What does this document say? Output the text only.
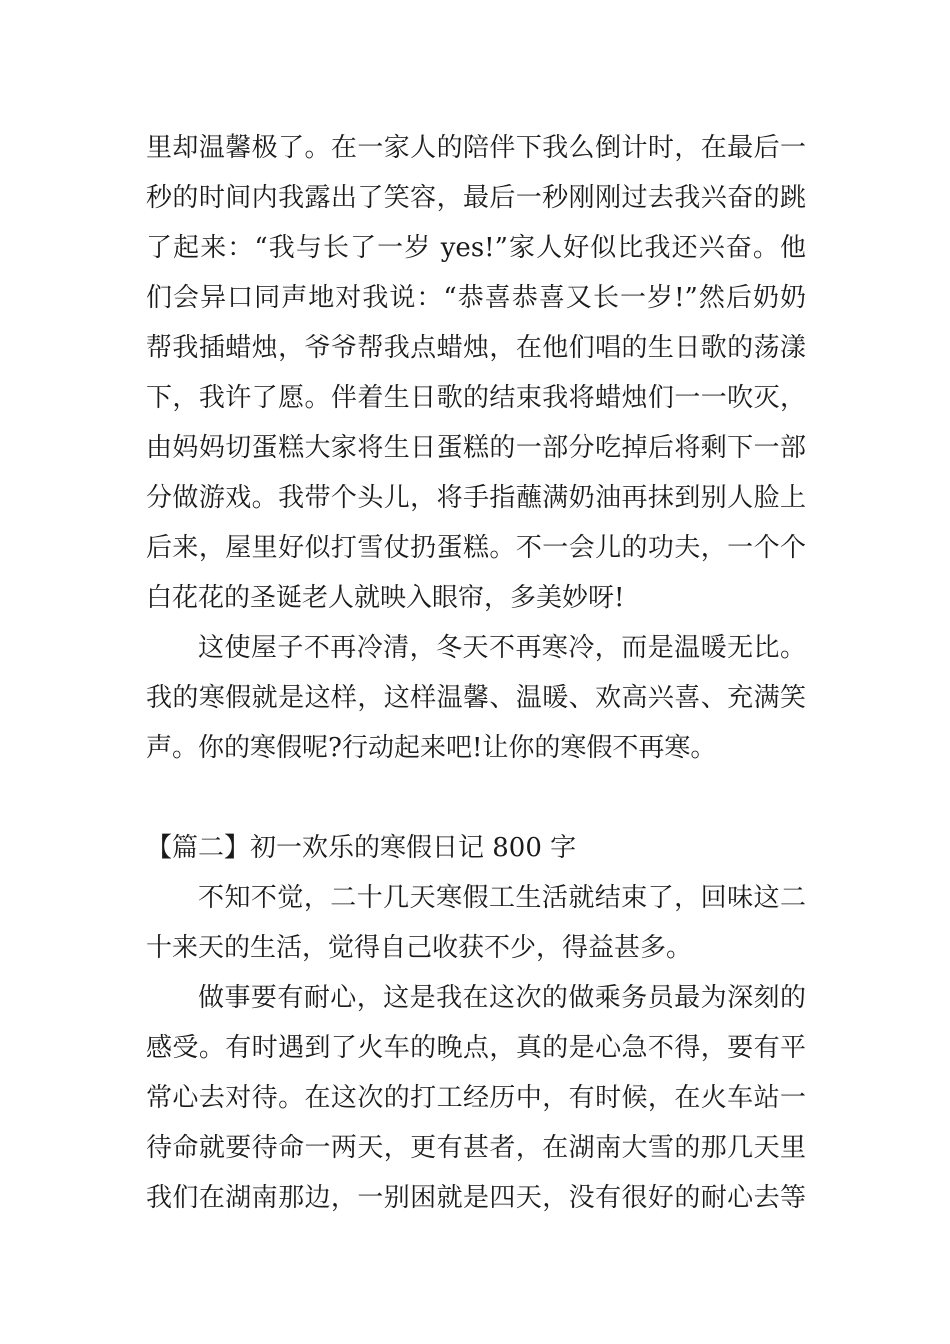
里却温馨极了。在一家人的陪伴下我么倒计时，在最后一

秒的时间内我露出了笑容，最后一秒刚刚过去我兴奋的跳

了起来：“我与长了一岁 yes!”家人好似比我还兴奋。他

们会异口同声地对我说：“恭喜恭喜又长一岁!”然后奶奶

帮我插蜡烛，爷爷帮我点蜡烛，在他们唱的生日歌的荡漾

下，我许了愿。伴着生日歌的结束我将蜡烛们一一吹灭，

由妈妈切蛋糕大家将生日蛋糕的一部分吃掉后将剩下一部

分做游戏。我带个头儿，将手指蘸满奶油再抹到别人脸上

后来，屋里好似打雪仗扔蛋糕。不一会儿的功夫，一个个

白花花的圣诞老人就映入眼帘，多美妙呀!

这使屋子不再冷清，冬天不再寒冷，而是温暖无比。

我的寒假就是这样，这样温馨、温暖、欢高兴喜、充满笑

声。你的寒假呢?行动起来吧!让你的寒假不再寒。

【篇二】初一欢乐的寒假日记 800 字

不知不觉，二十几天寒假工生活就结束了，回味这二

十来天的生活，觉得自己收获不少，得益甚多。

做事要有耐心，这是我在这次的做乘务员最为深刻的

感受。有时遇到了火车的晚点，真的是心急不得，要有平

常心去对待。在这次的打工经历中，有时候，在火车站一

待命就要待命一两天，更有甚者，在湖南大雪的那几天里

我们在湖南那边，一别困就是四天，没有很好的耐心去等
